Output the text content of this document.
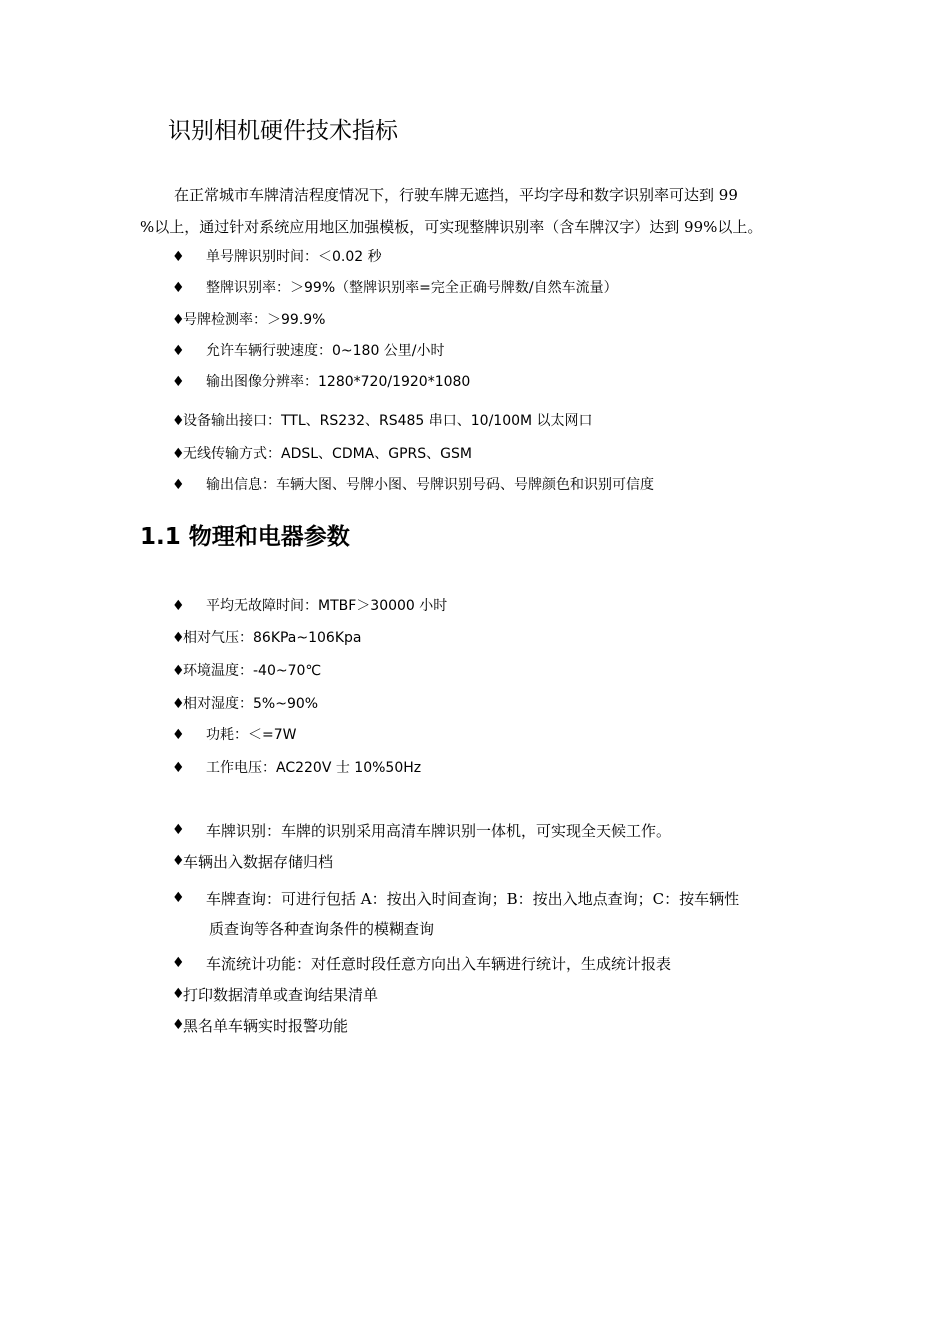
识别相机硬件技术指标
在正常城市车牌清洁程度情况下，行驶车牌无遮挡，平均字母和数字识别率可达到 99
%以上，通过针对系统应用地区加强模板，可实现整牌识别率（含车牌汉字）达到 99%以上。
♦ 单号牌识别时间：＜0.02 秒
♦ 整牌识别率：＞99%（整牌识别率=完全正确号牌数/自然车流量）
♦
号牌检测率：＞99.9%
♦ 允许车辆行驶速度：0~180 公里/小时
♦ 输出图像分辨率：1280*720/1920*1080
♦
设备输出接口：TTL、RS232、RS485 串口、10/100M 以太网口
♦
无线传输方式：ADSL、CDMA、GPRS、GSM
♦ 输出信息：车辆大图、号牌小图、号牌识别号码、号牌颜色和识别可信度
1.1 物理和电器参数
♦ 平均无故障时间：MTBF＞30000 小时
♦
相对气压：86KPa~106Kpa
♦
环境温度：-40~70℃
♦
相对湿度：5%~90%
♦ 功耗：＜=7W
♦ 工作电压：AC220V 士 10%50Hz
♦ 车牌识别：车牌的识别采用高清车牌识别一体机，可实现全天候工作。
♦
车辆出入数据存储归档
♦ 车牌查询：可进行包括 A：按出入时间查询；B：按出入地点查询；C：按车辆性
质查询等各种查询条件的模糊查询
♦ 车流统计功能：对任意时段任意方向出入车辆进行统计，生成统计报表
♦
打印数据清单或查询结果清单
♦
黑名单车辆实时报警功能
